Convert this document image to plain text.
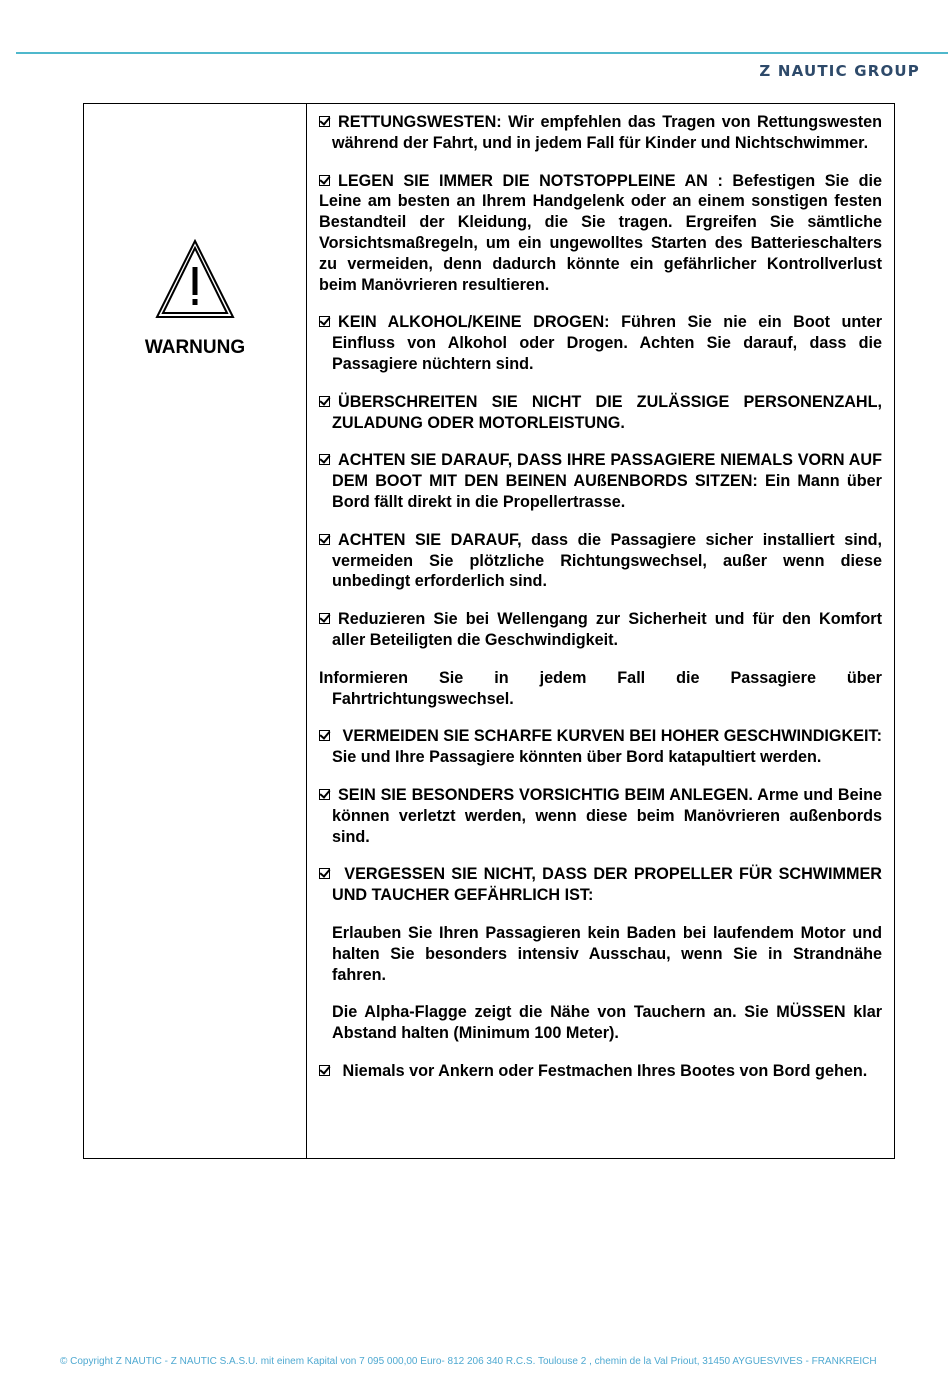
Z NAUTIC GROUP
WARNUNG
RETTUNGSWESTEN: Wir empfehlen das Tragen von Rettungswesten während der Fahrt, und in jedem Fall für Kinder und Nichtschwimmer.
LEGEN SIE IMMER DIE NOTSTOPPLEINE AN : Befestigen Sie die Leine am besten an Ihrem Handgelenk oder an einem sonstigen festen Bestandteil der Kleidung, die Sie tragen. Ergreifen Sie sämtliche Vorsichtsmaßregeln, um ein ungewolltes Starten des Batterieschalters zu vermeiden, denn dadurch könnte ein gefährlicher Kontrollverlust beim Manövrieren resultieren.
KEIN ALKOHOL/KEINE DROGEN: Führen Sie nie ein Boot unter Einfluss von Alkohol oder Drogen. Achten Sie darauf, dass die Passagiere nüchtern sind.
ÜBERSCHREITEN SIE NICHT DIE ZULÄSSIGE PERSONENZAHL, ZULADUNG ODER MOTORLEISTUNG.
ACHTEN SIE DARAUF, DASS IHRE PASSAGIERE NIEMALS VORN AUF DEM BOOT MIT DEN BEINEN AUßENBORDS SITZEN: Ein Mann über Bord fällt direkt in die Propellertrasse.
ACHTEN SIE DARAUF, dass die Passagiere sicher installiert sind, vermeiden Sie plötzliche Richtungswechsel, außer wenn diese unbedingt erforderlich sind.
Reduzieren Sie bei Wellengang zur Sicherheit und für den Komfort aller Beteiligten die Geschwindigkeit.
Informieren Sie in jedem Fall die Passagiere über Fahrtrichtungswechsel.
VERMEIDEN SIE SCHARFE KURVEN BEI HOHER GESCHWINDIGKEIT: Sie und Ihre Passagiere könnten über Bord katapultiert werden.
SEIN SIE BESONDERS VORSICHTIG BEIM ANLEGEN. Arme und Beine können verletzt werden, wenn diese beim Manövrieren außenbords sind.
VERGESSEN SIE NICHT, DASS DER PROPELLER FÜR SCHWIMMER UND TAUCHER GEFÄHRLICH IST:
Erlauben Sie Ihren Passagieren kein Baden bei laufendem Motor und halten Sie besonders intensiv Ausschau, wenn Sie in Strandnähe fahren.
Die Alpha-Flagge zeigt die Nähe von Tauchern an. Sie MÜSSEN klar Abstand halten (Minimum 100 Meter).
Niemals vor Ankern oder Festmachen Ihres Bootes von Bord gehen.
© Copyright Z NAUTIC - Z NAUTIC S.A.S.U. mit einem Kapital von 7 095 000,00 Euro- 812 206 340 R.C.S. Toulouse 2 , chemin de la Val Priout, 31450 AYGUESVIVES - FRANKREICH
